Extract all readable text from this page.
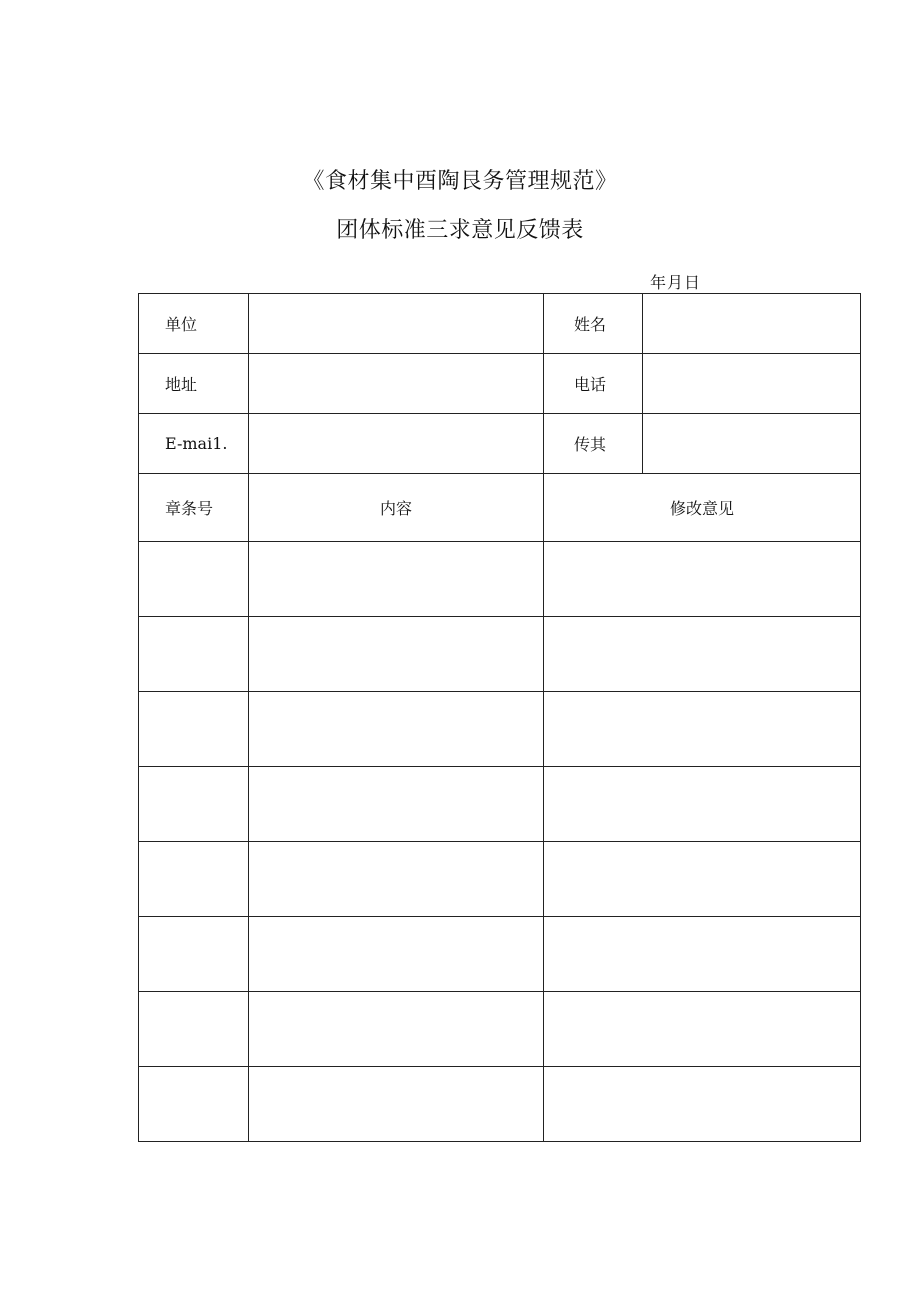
《食材集中酉陶艮务管理规范》
团体标准三求意见反馈表
年月日
单位		姓名	
地址		电话	
E-mai1.		传其	
章条号	内容	修改意见	
